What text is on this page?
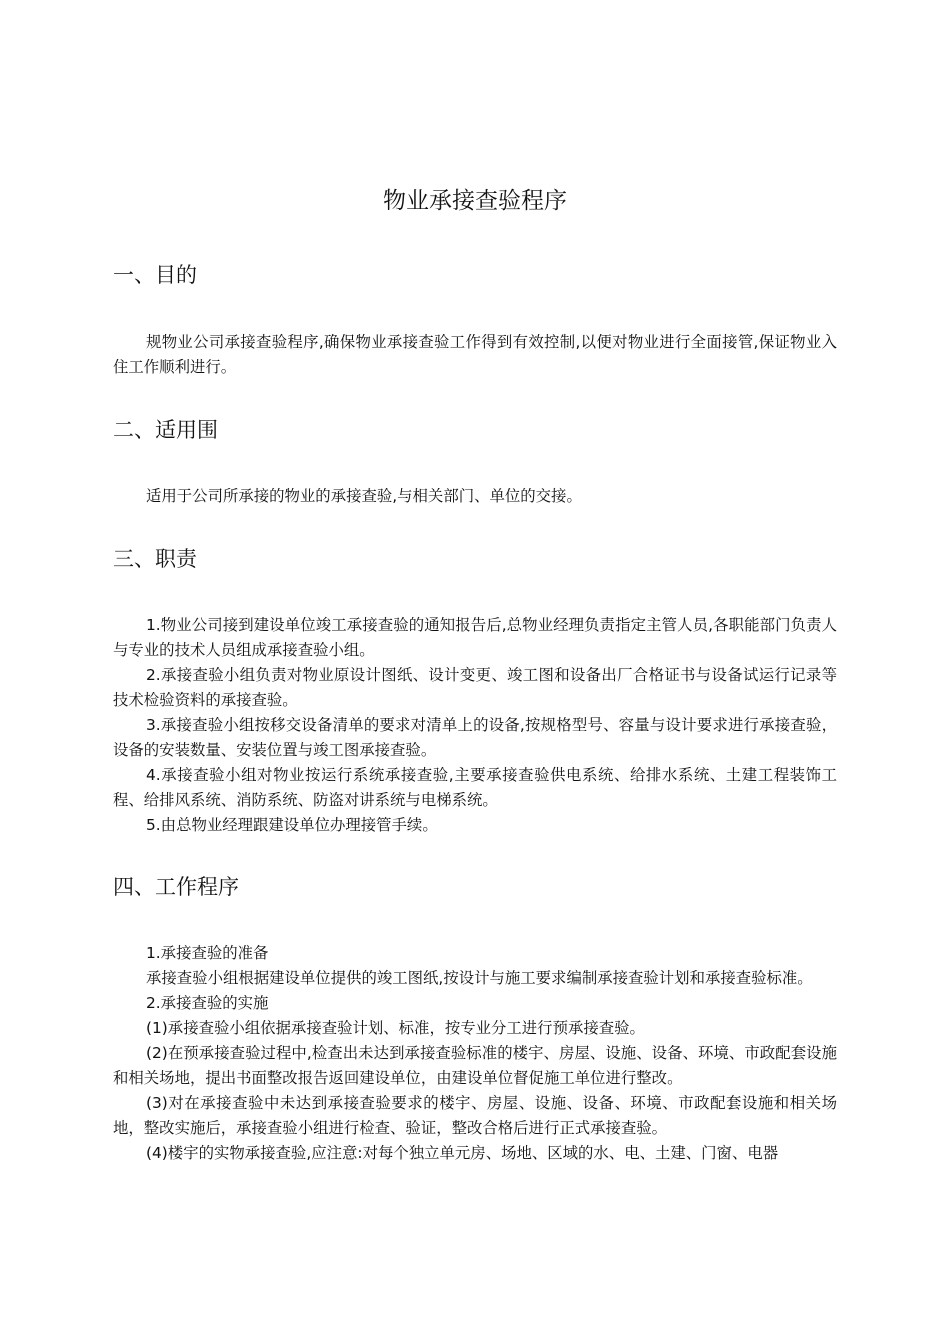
物业承接查验程序
一、目的

规物业公司承接查验程序,确保物业承接查验工作得到有效控制,以便对物业进行全面接管,保证物业入住工作顺利进行。

二、适用围

适用于公司所承接的物业的承接查验,与相关部门、单位的交接。

三、职责

1.物业公司接到建设单位竣工承接查验的通知报告后,总物业经理负责指定主管人员,各职能部门负责人与专业的技术人员组成承接查验小组。

2.承接查验小组负责对物业原设计图纸、设计变更、竣工图和设备出厂合格证书与设备试运行记录等技术检验资料的承接查验。

3.承接查验小组按移交设备清单的要求对清单上的设备,按规格型号、容量与设计要求进行承接查验，设备的安装数量、安装位置与竣工图承接查验。

4.承接查验小组对物业按运行系统承接查验,主要承接查验供电系统、给排水系统、土建工程装饰工程、给排风系统、消防系统、防盗对讲系统与电梯系统。

5.由总物业经理跟建设单位办理接管手续。

四、工作程序

1.承接查验的准备

承接查验小组根据建设单位提供的竣工图纸,按设计与施工要求编制承接查验计划和承接查验标准。

2.承接查验的实施

(1)承接查验小组依据承接查验计划、标准，按专业分工进行预承接查验。

(2)在预承接查验过程中,检查出未达到承接查验标准的楼宇、房屋、设施、设备、环境、市政配套设施和相关场地，提出书面整改报告返回建设单位，由建设单位督促施工单位进行整改。

(3)对在承接查验中未达到承接查验要求的楼宇、房屋、设施、设备、环境、市政配套设施和相关场地，整改实施后，承接查验小组进行检查、验证，整改合格后进行正式承接查验。

(4)楼宇的实物承接查验,应注意:对每个独立单元房、场地、区域的水、电、土建、门窗、电器
